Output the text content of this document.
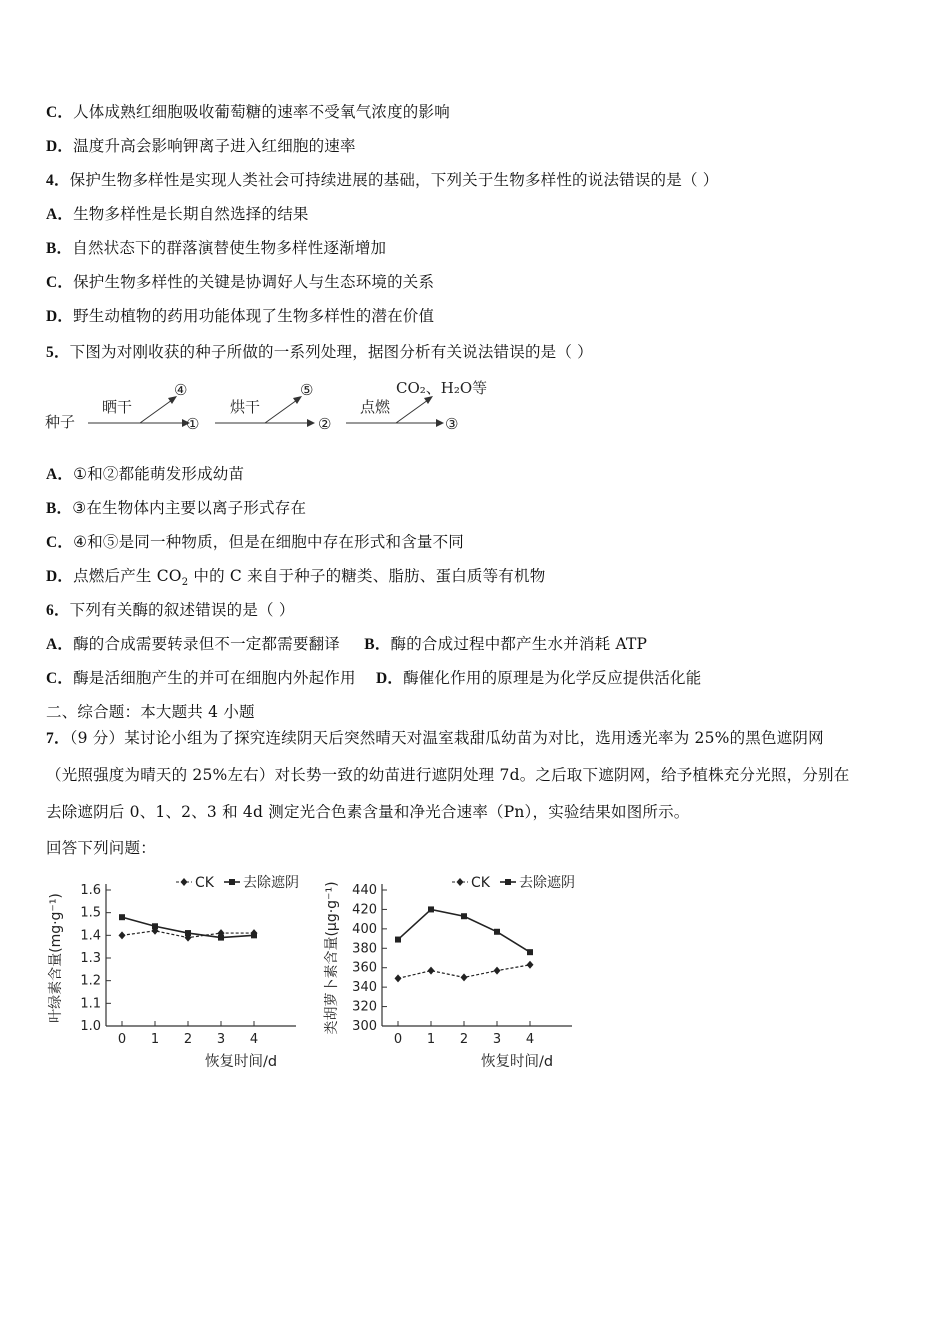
C．人体成熟红细胞吸收葡萄糖的速率不受氧气浓度的影响
D．温度升高会影响钾离子进入红细胞的速率
4．保护生物多样性是实现人类社会可持续进展的基础，下列关于生物多样性的说法错误的是（ ）
A．生物多样性是长期自然选择的结果
B．自然状态下的群落演替使生物多样性逐渐增加
C．保护生物多样性的关键是协调好人与生态环境的关系
D．野生动植物的药用功能体现了生物多样性的潜在价值
5．下图为对刚收获的种子所做的一系列处理，据图分析有关说法错误的是（ ）
A．①和②都能萌发形成幼苗
B．③在生物体内主要以离子形式存在
C．④和⑤是同一种物质，但是在细胞中存在形式和含量不同
6．下列有关酶的叙述错误的是（ ）
C．酶是活细胞产生的并可在细胞内外起作用
二、综合题：本大题共 4 小题
7．（9 分）某讨论小组为了探究连续阴天后突然晴天对温室栽甜瓜幼苗为对比，选用透光率为 25%的黑色遮阴网
（光照强度为晴天的 25%左右）对长势一致的幼苗进行遮阴处理 7d。之后取下遮阴网，给予植株充分光照，分别在
去除遮阴后 0、1、2、3 和 4d 测定光合色素含量和净光合速率（Pn），实验结果如图所示。
回答下列问题：
D．点燃后产生 $CO_2$ 中的 C 来自于种子的糖类、脂肪、蛋白质等有机物
A．酶的合成需要转录但不一定都需要翻译 B．酶的合成过程中都产生水并消耗 ATP
D．酶催化作用的原理是为化学反应提供活化能
种子
晒干
④
①
烘干
⑤
②
点燃
CO₂、H₂O等
③
1.0
1.1
1.2
1.3
1.4
1.5
1.6
0 1 2 3 4
恢复时间/d
叶绿素含量(mg·g⁻¹)
CK 去除遮阴
300
320
340
360
380
400
420
440
0 1 2 3 4
恢复时间/d
类胡萝卜素含量(μg·g⁻¹)	CK 去除遮阴
